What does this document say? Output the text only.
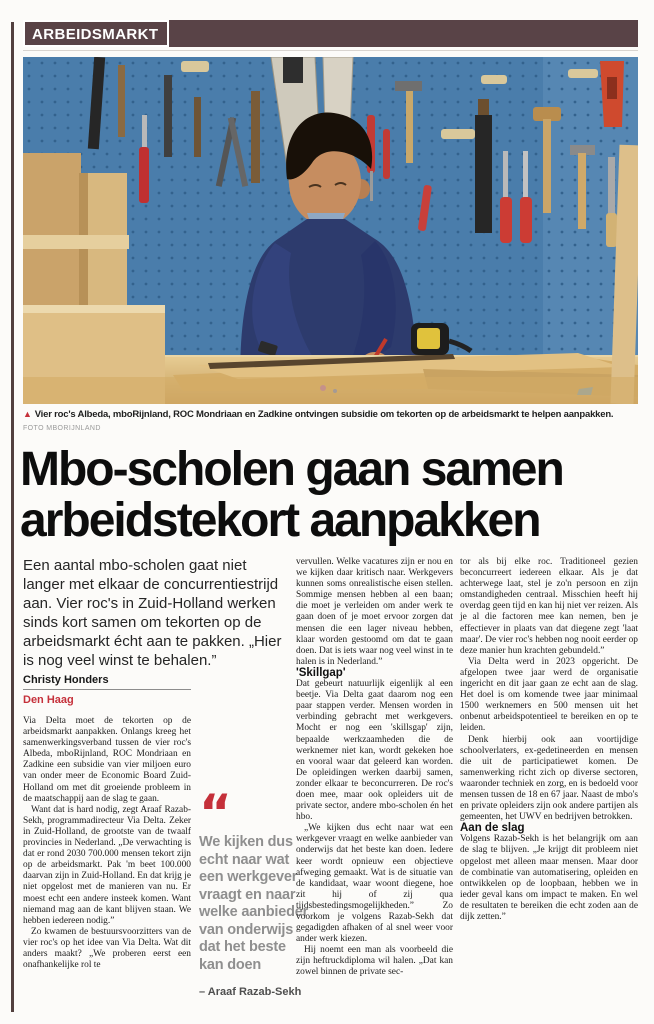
ARBEIDSMARKT
▲ Vier roc's Albeda, mboRijnland, ROC Mondriaan en Zadkine ontvingen subsidie om tekorten op de arbeidsmarkt te helpen aanpakken.
FOTO MBORIJNLAND
Mbo-scholen gaan samen
arbeidstekort aanpakken
Een aantal mbo-scholen gaat niet langer met elkaar de concurrentiestrijd aan. Vier roc's in Zuid-Holland werken sinds kort samen om tekorten op de arbeidsmarkt écht aan te pakken. „Hier is nog veel winst te behalen.”
Christy Honders
Den Haag

Via Delta moet de tekorten op de arbeidsmarkt aanpakken. Onlangs kreeg het samenwerkingsverband tussen de vier roc's Albeda, mboRijnland, ROC Mondriaan en Zadkine een subsidie van vier miljoen euro van onder meer de Economic Board Zuid-Holland om met dit groeiende probleem in de maatschappij aan de slag te gaan.

Want dat is hard nodig, zegt Araaf Razab-Sekh, programmadirecteur Via Delta. Zeker in Zuid-Holland, de grootste van de twaalf provincies in Nederland. „De verwachting is dat er rond 2030 700.000 mensen tekort zijn op de arbeidsmarkt. Pak 'm beet 100.000 daarvan zijn in Zuid-Holland. En dat krijg je niet opgelost met de manieren van nu. Er moest echt een andere insteek komen. Want niemand mag aan de kant blijven staan. We hebben iedereen nodig.”

Zo kwamen de bestuursvoorzitters van de vier roc's op het idee van Via Delta. Wat dit anders maakt? „We proberen eerst een onafhankelijke rol te

“
We kijken dus echt naar wat een werkgever vraagt en naar welke aanbieder van onderwijs dat het beste kan doen
– Araaf Razab-Sekh

vervullen. Welke vacatures zijn er nou en we kijken daar kritisch naar. Werkgevers kunnen soms onrealistische eisen stellen. Sommige mensen hebben al een baan; die moet je verleiden om ander werk te gaan doen of je moet ervoor zorgen dat mensen die een lager niveau hebben, klaar worden gestoomd om dat te gaan doen. Dat is iets waar nog veel winst in te halen is in Nederland.”

'Skillgap'

Dat gebeurt natuurlijk eigenlijk al een beetje. Via Delta gaat daarom nog een paar stappen verder. Mensen worden in verbinding gebracht met werkgevers. Mocht er nog een 'skillsgap' zijn, bepaalde werkzaamheden die de werknemer niet kan, wordt gekeken hoe en vooral waar dat geleerd kan worden. De opleidingen werken daarbij samen, zonder elkaar te beconcurreren. De roc's doen mee, maar ook opleiders uit de private sector, andere mbo-scholen én het hbo.

„We kijken dus echt naar wat een werkgever vraagt en welke aanbieder van onderwijs dat het beste kan doen. Iedere keer wordt opnieuw een objectieve afweging gemaakt. Wat is de situatie van de kandidaat, waar woont diegene, hoe zit hij of zij qua tijdsbestedingsmogelijkheden.” Zo voorkom je volgens Razab-Sekh dat gegadigden afhaken of al snel weer voor ander werk kiezen.

Hij noemt een man als voorbeeld die zijn heftruckdiploma wil halen. „Dat kan zowel binnen de private sec-

tor als bij elke roc. Traditioneel gezien beconcurreert iedereen elkaar. Als je dat achterwege laat, stel je zo'n persoon en zijn omstandigheden centraal. Misschien heeft hij overdag geen tijd en kan hij niet ver reizen. Als je al die factoren mee kan nemen, ben je effectiever in plaats van dat diegene zegt 'laat maar'. De vier roc's hebben nog nooit eerder op deze manier hun krachten gebundeld.”

Via Delta werd in 2023 opgericht. De afgelopen twee jaar werd de organisatie ingericht en dit jaar gaan ze echt aan de slag. Het doel is om komende twee jaar minimaal 1500 werknemers en 500 mensen uit het onbenut arbeidspotentieel te bereiken en op te leiden.

Denk hierbij ook aan voortijdige schoolverlaters, ex-gedetineerden en mensen die uit de participatiewet komen. De samenwerking richt zich op diverse sectoren, waaronder techniek en zorg, en is bedoeld voor mensen tussen de 18 en 67 jaar. Naast de mbo's en private opleiders zijn ook andere partijen als gemeenten, het UWV en bedrijven betrokken.

Aan de slag

Volgens Razab-Sekh is het belangrijk om aan de slag te blijven. „Je krijgt dit probleem niet opgelost met alleen maar mensen. Maar door de combinatie van automatisering, opleiden en ontwikkelen op de loopbaan, hebben we in ieder geval kans om impact te maken. En wel de resultaten te bereiken die echt zoden aan de dijk zetten.”
